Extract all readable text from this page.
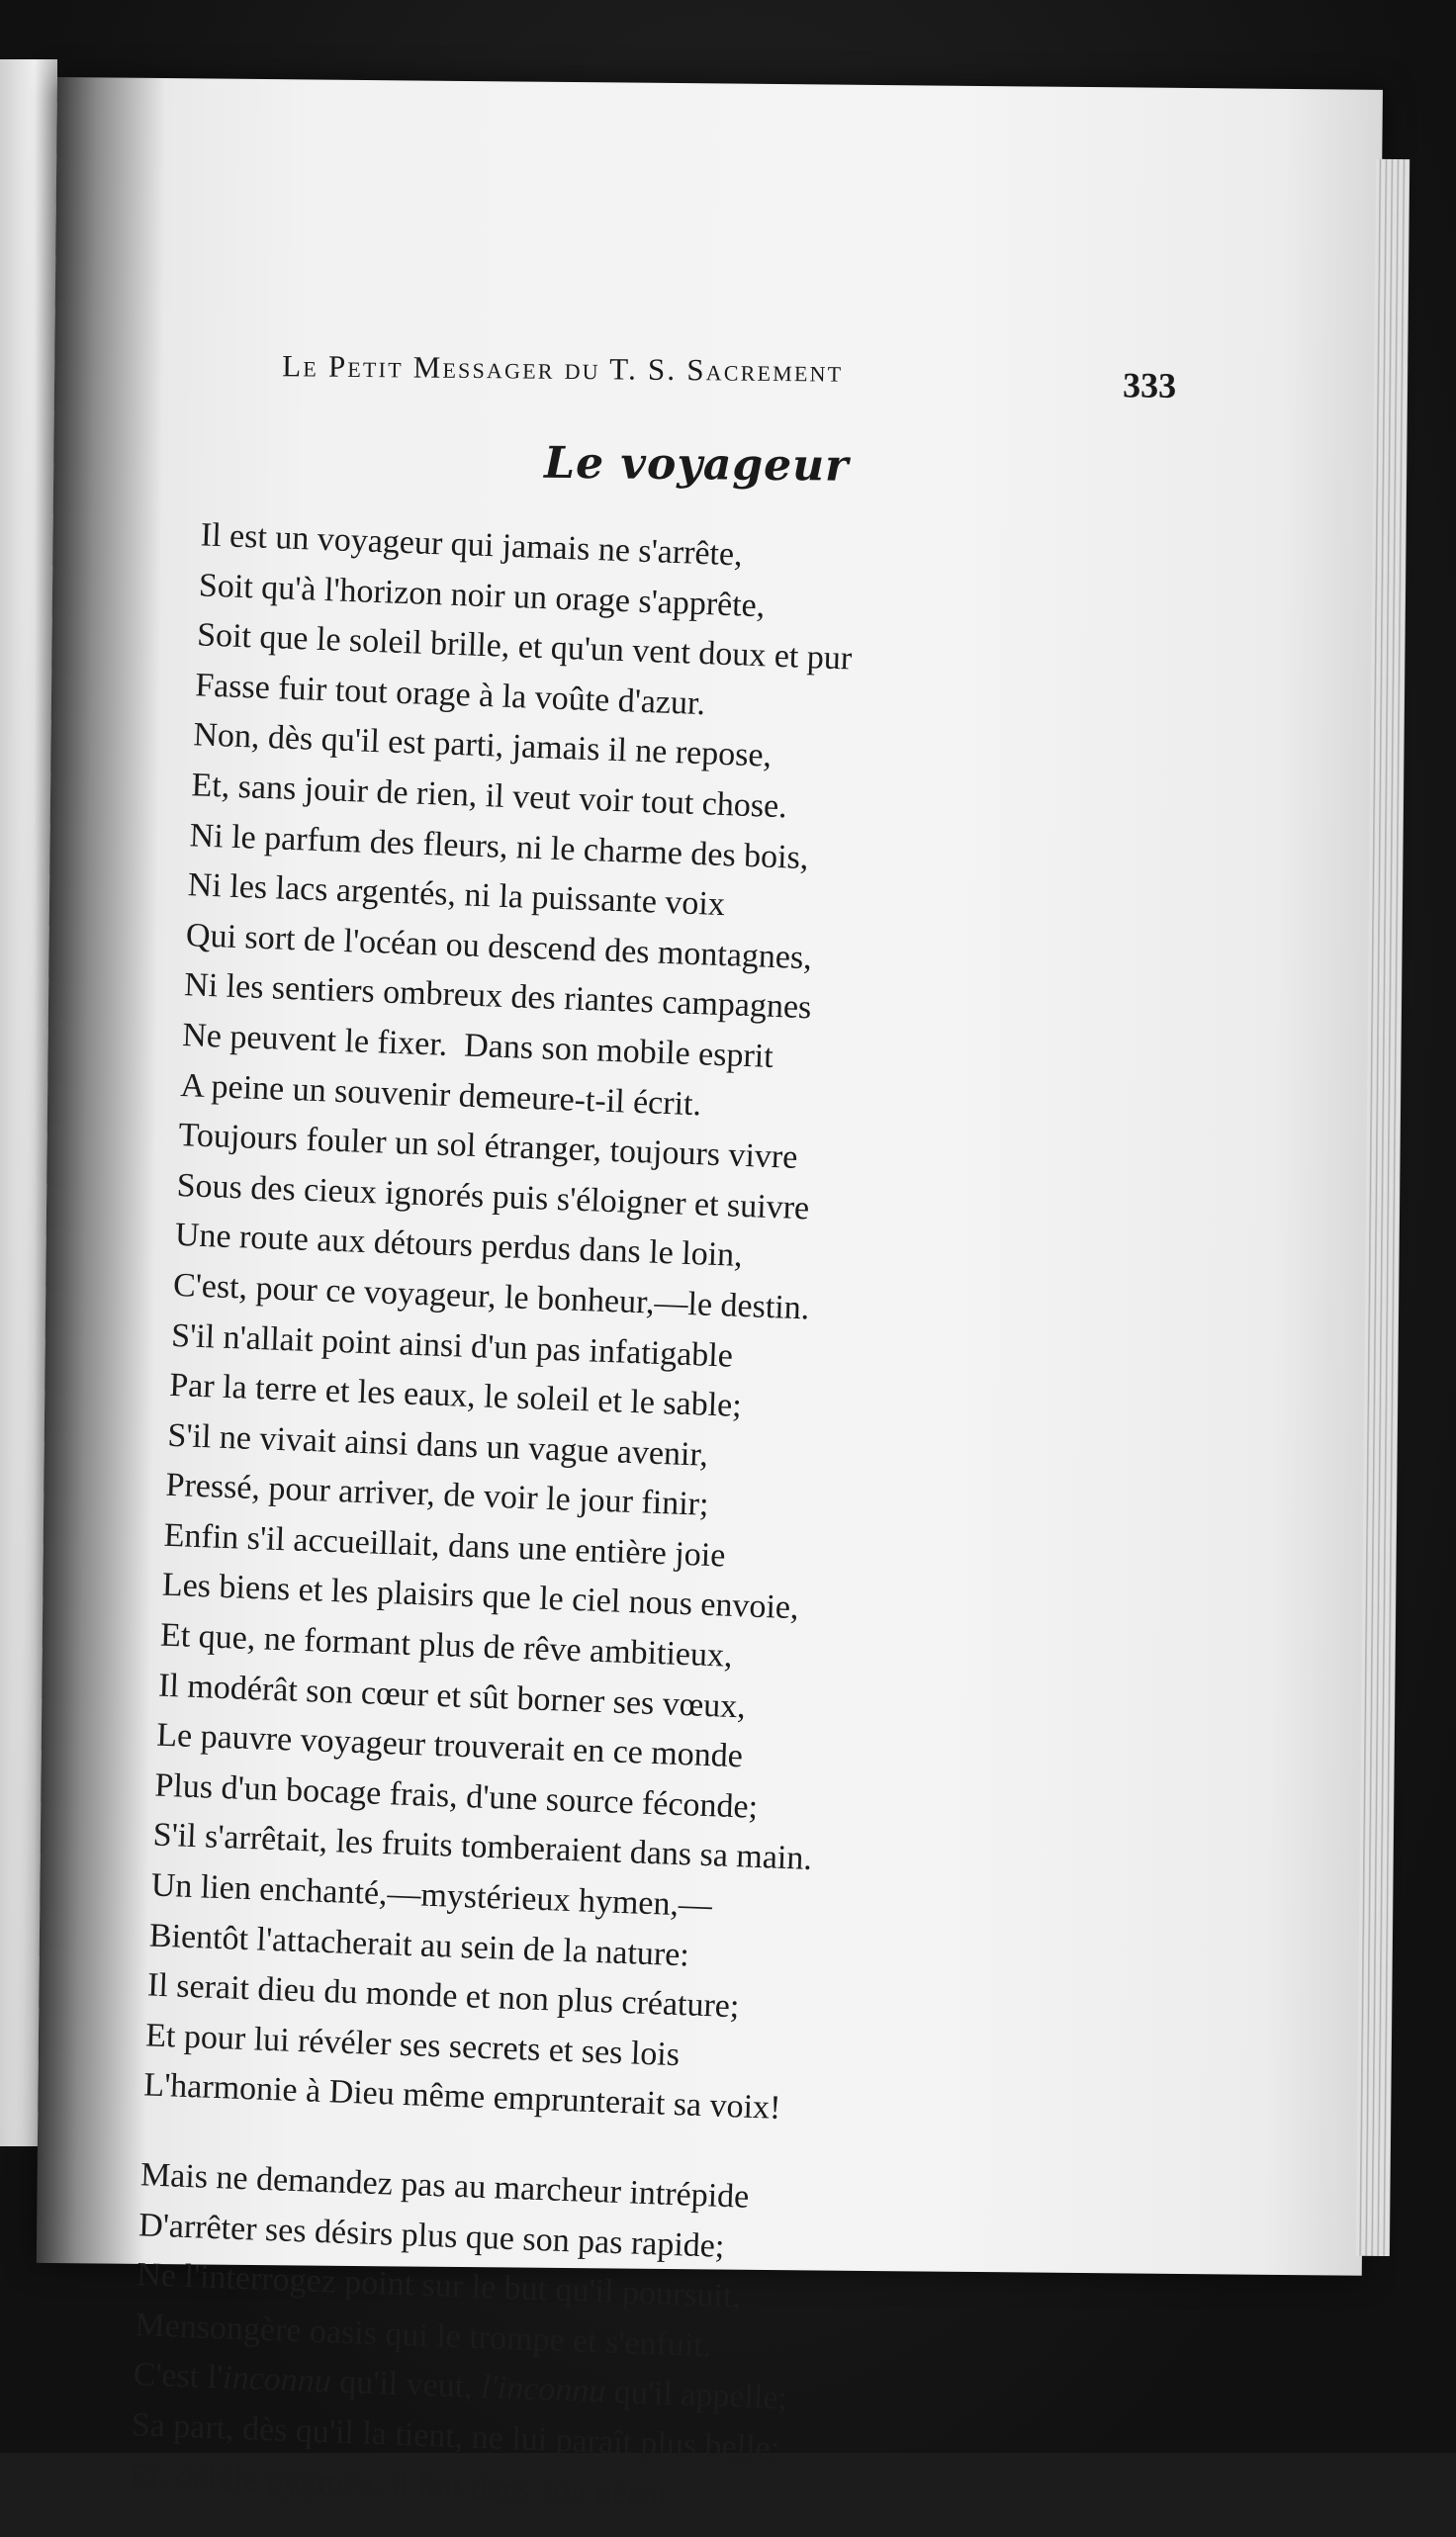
Le Petit Messager du T. S. Sacrement	333
Le voyageur
Il est un voyageur qui jamais ne s'arrête,
Soit qu'à l'horizon noir un orage s'apprête,
Soit que le soleil brille, et qu'un vent doux et pur
Fasse fuir tout orage à la voûte d'azur.
Non, dès qu'il est parti, jamais il ne repose,
Et, sans jouir de rien, il veut voir tout chose.
Ni le parfum des fleurs, ni le charme des bois,
Ni les lacs argentés, ni la puissante voix
Qui sort de l'océan ou descend des montagnes,
Ni les sentiers ombreux des riantes campagnes
Ne peuvent le fixer.  Dans son mobile esprit
A peine un souvenir demeure-t-il écrit.
Toujours fouler un sol étranger, toujours vivre
Sous des cieux ignorés puis s'éloigner et suivre
Une route aux détours perdus dans le loin,
C'est, pour ce voyageur, le bonheur,—le destin.
S'il n'allait point ainsi d'un pas infatigable
Par la terre et les eaux, le soleil et le sable;
S'il ne vivait ainsi dans un vague avenir,
Pressé, pour arriver, de voir le jour finir;
Enfin s'il accueillait, dans une entière joie
Les biens et les plaisirs que le ciel nous envoie,
Et que, ne formant plus de rêve ambitieux,
Il modérât son cœur et sût borner ses vœux,
Le pauvre voyageur trouverait en ce monde
Plus d'un bocage frais, d'une source féconde;
S'il s'arrêtait, les fruits tomberaient dans sa main.
Un lien enchanté,—mystérieux hymen,—
Bientôt l'attacherait au sein de la nature:
Il serait dieu du monde et non plus créature;
Et pour lui révéler ses secrets et ses lois
L'harmonie à Dieu même emprunterait sa voix!
Mais ne demandez pas au marcheur intrépide
D'arrêter ses désirs plus que son pas rapide;
Ne l'interrogez point sur le but qu'il poursuit,
Mensongère oasis qui le trompe et s'enfuit.
C'est l'inconnu qu'il veut, l'inconnu qu'il appelle;
Sa part, dès qu'il la tient, ne lui paraît plus belle;
Et, débile pygmée, il fait dans son néant
